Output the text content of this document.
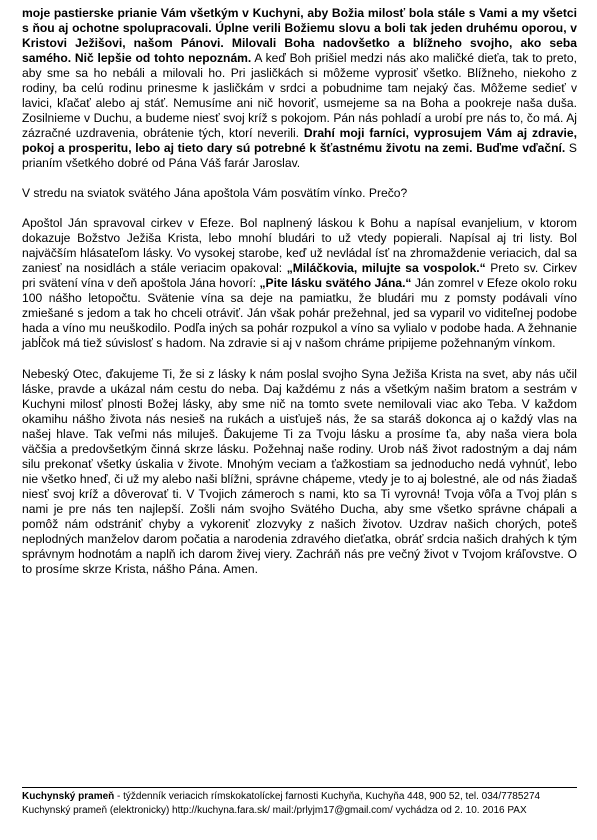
moje pastierske prianie Vám všetkým v Kuchyni, aby Božia milosť bola stále s Vami a my všetci s ňou aj ochotne spolupracovali. Úplne verili Božiemu slovu a boli tak jeden druhému oporou, v Kristovi Ježišovi, našom Pánovi. Milovali Boha nadovšetko a blížneho svojho, ako seba samého. Nič lepšie od tohto nepoznám. A keď Boh prišiel medzi nás ako maličké dieťa, tak to preto, aby sme sa ho nebáli a milovali ho. Pri jasličkách si môžeme vyprosiť všetko. Blížneho, niekoho z rodiny, ba celú rodinu prinesme k jasličkám v srdci a pobudnime tam nejaký čas. Môžeme sedieť v lavici, kľačať alebo aj stáť. Nemusíme ani nič hovoriť, usmejeme sa na Boha a pookreje naša duša. Zosilnieme v Duchu, a budeme niesť svoj kríž s pokojom. Pán nás pohladí a urobí pre nás to, čo má. Aj zázračné uzdravenia, obrátenie tých, ktorí neverili. Drahí moji farníci, vyprosujem Vám aj zdravie, pokoj a prosperitu, lebo aj tieto dary sú potrebné k šťastnému životu na zemi. Buďme vďační. S prianím všetkého dobré od Pána Váš farár Jaroslav.

V stredu na sviatok svätého Jána apoštola Vám posvätím vínko. Prečo?

Apoštol Ján spravoval cirkev v Efeze. Bol naplnený láskou k Bohu a napísal evanjelium, v ktorom dokazuje Božstvo Ježiša Krista, lebo mnohí bludári to už vtedy popierali. Napísal aj tri listy. Bol najväčším hlásateľom lásky. Vo vysokej starobe, keď už nevládal ísť na zhromaždenie veriacich, dal sa zaniesť na nosidlách a stále veriacim opakoval: „Miláčkovia, milujte sa vospolok.“ Preto sv. Cirkev pri svätení vína v deň apoštola Jána hovorí: „Pite lásku svätého Jána.“ Ján zomrel v Efeze okolo roku 100 nášho letopočtu. Svätenie vína sa deje na pamiatku, že bludári mu z pomsty podávali víno zmiešané s jedom a tak ho chceli otráviť. Ján však pohár prežehnal, jed sa vyparil vo viditeľnej podobe hada a víno mu neuškodilo. Podľa iných sa pohár rozpukol a víno sa vylialo v podobe hada. A žehnanie jabĺčok má tiež súvislosť s hadom. Na zdravie si aj v našom chráme pripijeme požehnaným vínkom.

Nebeský Otec, ďakujeme Ti, že si z lásky k nám poslal svojho Syna Ježiša Krista na svet, aby nás učil láske, pravde a ukázal nám cestu do neba. Daj každému z nás a všetkým našim bratom a sestrám v Kuchyni milosť plnosti Božej lásky, aby sme nič na tomto svete nemilovali viac ako Teba. V každom okamihu nášho života nás nesieš na rukách a uisťuješ nás, že sa staráš dokonca aj o každý vlas na našej hlave. Tak veľmi nás miluješ. Ďakujeme Ti za Tvoju lásku a prosíme ťa, aby naša viera bola väčšia a predovšetkým činná skrze lásku. Požehnaj naše rodiny. Urob náš život radostným a daj nám silu prekonať všetky úskalia v živote. Mnohým veciam a ťažkostiam sa jednoducho nedá vyhnúť, lebo nie všetko hneď, či už my alebo naši blížni, správne chápeme, vtedy je to aj bolestné, ale od nás žiadaš niesť svoj kríž a dôverovať ti. V Tvojich zámeroch s nami, kto sa Ti vyrovná! Tvoja vôľa a Tvoj plán s nami je pre nás ten najlepší. Zošli nám svojho Svätého Ducha, aby sme všetko správne chápali a pomôž nám odstrániť chyby a vykoreniť zlozvyky z našich životov. Uzdrav našich chorých, poteš neplodných manželov darom počatia a narodenia zdravého dieťatka, obráť srdcia našich drahých k tým správnym hodnotám a naplň ich darom živej viery. Zachráň nás pre večný život v Tvojom kráľovstve. O to prosíme skrze Krista, nášho Pána. Amen.

Kuchynský prameň - týždenník veriacich rímskokatolíckej farnosti Kuchyňa, Kuchyňa 448, 900 52, tel. 034/7785274
Kuchynský prameň (elektronicky) http://kuchyna.fara.sk/ mail:/prlyjm17@gmail.com/ vychádza od 2. 10. 2016 PAX
